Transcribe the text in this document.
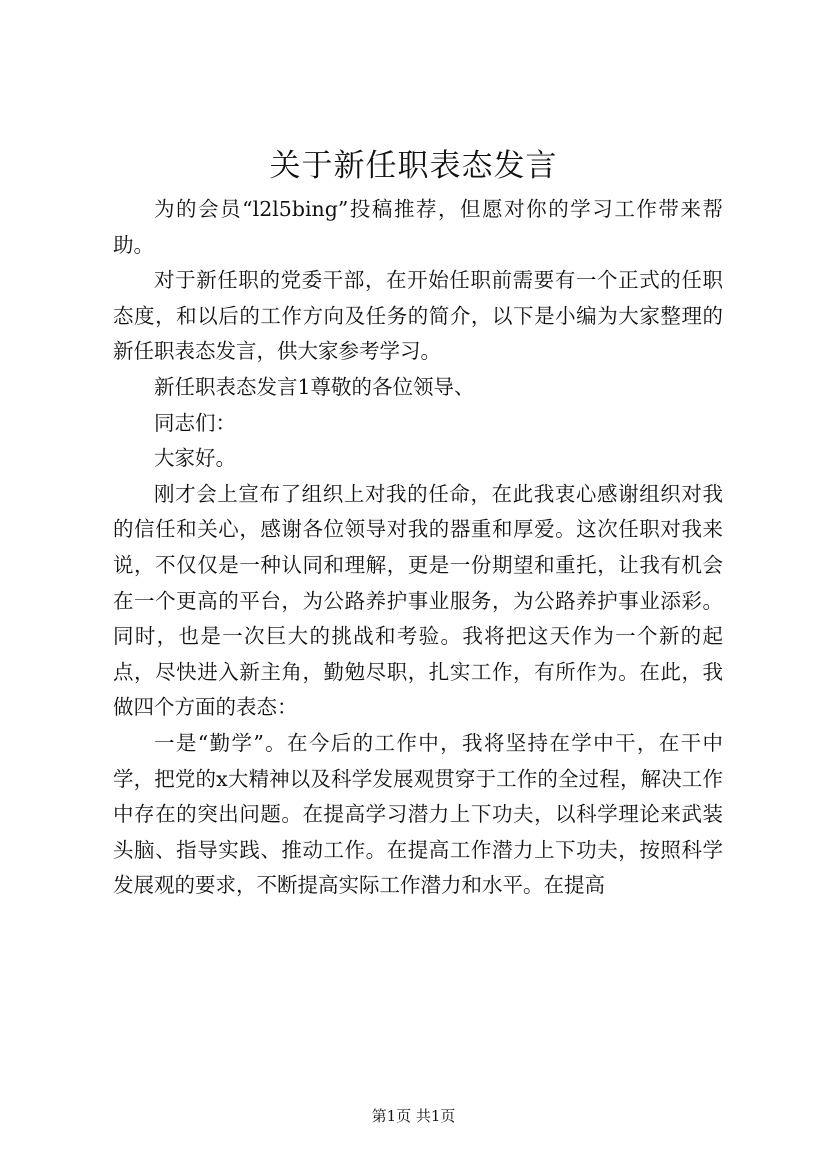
关于新任职表态发言

为的会员“l2l5bing”投稿推荐，但愿对你的学习工作带来帮助。

对于新任职的党委干部，在开始任职前需要有一个正式的任职态度，和以后的工作方向及任务的简介，以下是小编为大家整理的新任职表态发言，供大家参考学习。

新任职表态发言1尊敬的各位领导、

同志们：

大家好。

刚才会上宣布了组织上对我的任命，在此我衷心感谢组织对我的信任和关心，感谢各位领导对我的器重和厚爱。这次任职对我来说，不仅仅是一种认同和理解，更是一份期望和重托，让我有机会在一个更高的平台，为公路养护事业服务，为公路养护事业添彩。同时，也是一次巨大的挑战和考验。我将把这天作为一个新的起点，尽快进入新主角，勤勉尽职，扎实工作，有所作为。在此，我做四个方面的表态：

一是“勤学”。在今后的工作中，我将坚持在学中干，在干中学，把党的x大精神以及科学发展观贯穿于工作的全过程，解决工作中存在的突出问题。在提高学习潜力上下功夫，以科学理论来武装头脑、指导实践、推动工作。在提高工作潜力上下功夫，按照科学发展观的要求，不断提高实际工作潜力和水平。在提高

第1页 共1页
